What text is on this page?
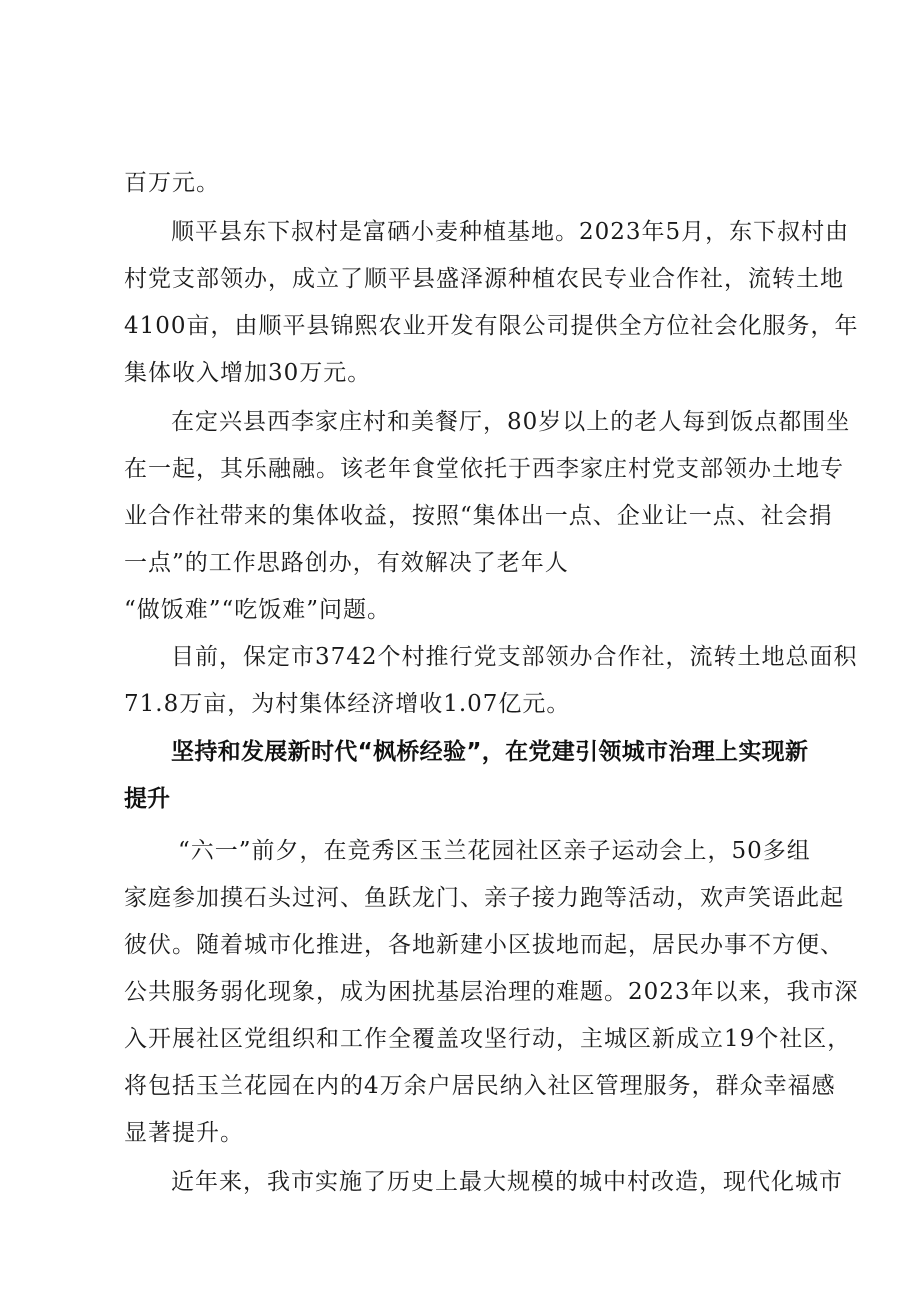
百万元。

顺平县东下叔村是富硒小麦种植基地。2023年5月，东下叔村由

村党支部领办，成立了顺平县盛泽源种植农民专业合作社，流转土地

4100亩，由顺平县锦熙农业开发有限公司提供全方位社会化服务，年

集体收入增加30万元。

在定兴县西李家庄村和美餐厅，80岁以上的老人每到饭点都围坐

在一起，其乐融融。该老年食堂依托于西李家庄村党支部领办土地专

业合作社带来的集体收益，按照“集体出一点、企业让一点、社会捐

一点”的工作思路创办，有效解决了老年人

“做饭难”“吃饭难”问题。

目前，保定市3742个村推行党支部领办合作社，流转土地总面积

71.8万亩，为村集体经济增收1.07亿元。

坚持和发展新时代“枫桥经验”，在党建引领城市治理上实现新

提升

“六一”前夕，在竞秀区玉兰花园社区亲子运动会上，50多组

家庭参加摸石头过河、鱼跃龙门、亲子接力跑等活动，欢声笑语此起

彼伏。随着城市化推进，各地新建小区拔地而起，居民办事不方便、

公共服务弱化现象，成为困扰基层治理的难题。2023年以来，我市深

入开展社区党组织和工作全覆盖攻坚行动，主城区新成立19个社区，

将包括玉兰花园在内的4万余户居民纳入社区管理服务，群众幸福感

显著提升。

近年来，我市实施了历史上最大规模的城中村改造，现代化城市
